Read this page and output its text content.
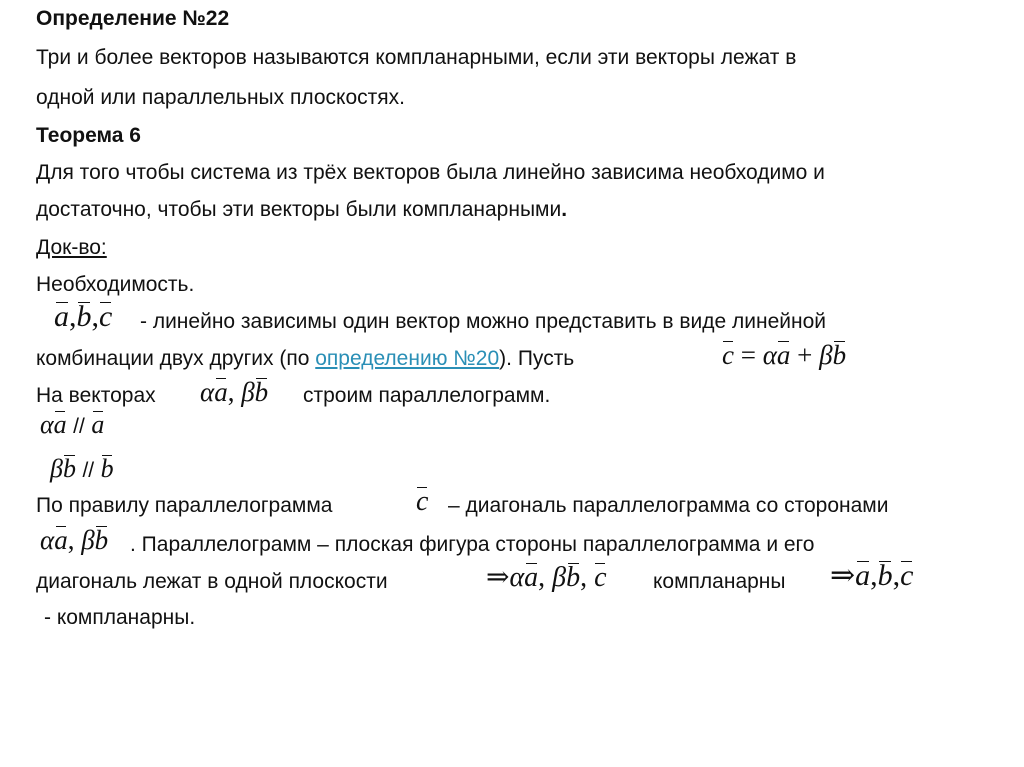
Определение №22
Три и более векторов называются компланарными, если эти векторы лежат в
одной или параллельных плоскостях.
Теорема 6
Для того чтобы система из трёх векторов была линейно зависима необходимо и
достаточно, чтобы эти векторы были компланарными.
Док-во:
Необходимость.
a,b,c - линейно зависимы один вектор можно представить в виде линейной
комбинации двух других (по определению №20). Пусть	c = αa + βb
На векторах αa, βb строим параллелограмм.
αa // a
βb // b
По правилу параллелограмма	c – диагональ параллелограмма со сторонами
αa, βb . Параллелограмм – плоская фигура стороны параллелограмма и его
диагональ лежат в одной плоскости	⇒αa, βb, c компланарны ⇒a,b,c
- компланарны.
